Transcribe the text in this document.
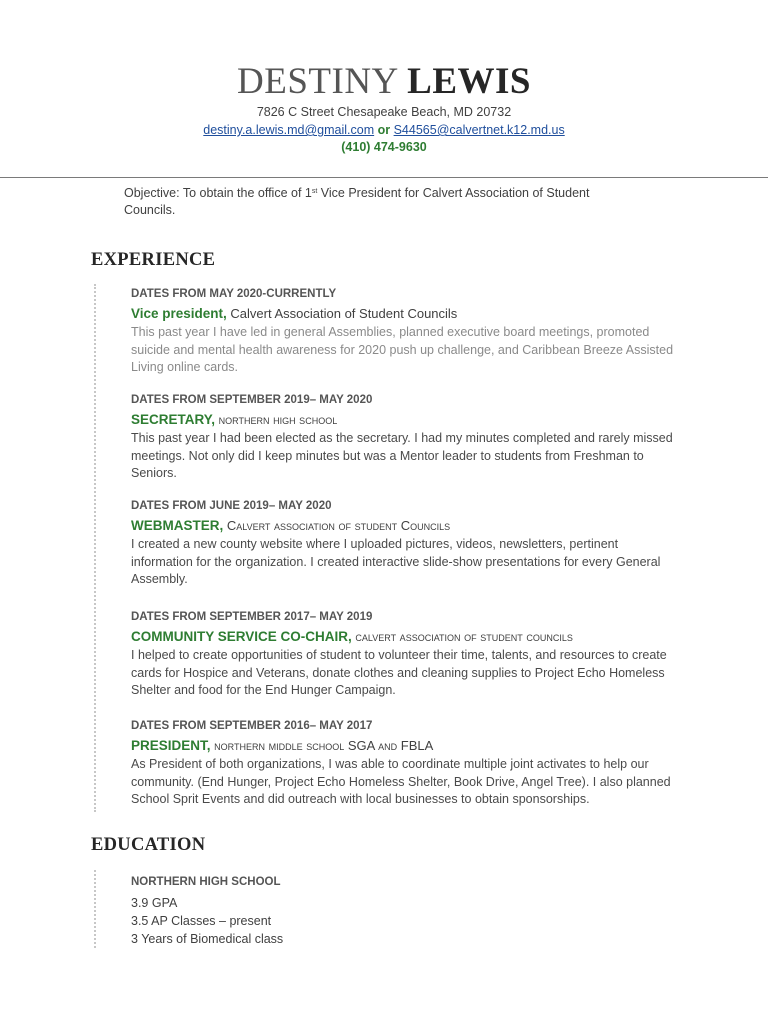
DESTINY LEWIS
7826 C Street Chesapeake Beach, MD 20732
destiny.a.lewis.md@gmail.com or S44565@calvertnet.k12.md.us
(410) 474-9630
Objective: To obtain the office of 1st Vice President for Calvert Association of Student Councils.
EXPERIENCE
DATES FROM MAY 2020-CURRENTLY
Vice president, Calvert Association of Student Councils
This past year I have led in general Assemblies, planned executive board meetings, promoted suicide and mental health awareness for 2020 push up challenge, and Caribbean Breeze Assisted Living online cards.
DATES FROM SEPTEMBER 2019– MAY 2020
SECRETARY, northern high school
This past year I had been elected as the secretary. I had my minutes completed and rarely missed meetings. Not only did I keep minutes but was a Mentor leader to students from Freshman to Seniors.
DATES FROM JUNE 2019– MAY 2020
WEBMASTER, Calvert association of student Councils
I created a new county website where I uploaded pictures, videos, newsletters, pertinent information for the organization. I created interactive slide-show presentations for every General Assembly.
DATES FROM SEPTEMBER 2017– MAY 2019
COMMUNITY SERVICE CO-CHAIR, calvert association of student councils
I helped to create opportunities of student to volunteer their time, talents, and resources to create cards for Hospice and Veterans, donate clothes and cleaning supplies to Project Echo Homeless Shelter and food for the End Hunger Campaign.
DATES FROM SEPTEMBER 2016– MAY 2017
PRESIDENT, northern middle school SGA and FBLA
As President of both organizations, I was able to coordinate multiple joint activates to help our community. (End Hunger, Project Echo Homeless Shelter, Book Drive, Angel Tree). I also planned School Sprit Events and did outreach with local businesses to obtain sponsorships.
EDUCATION
NORTHERN HIGH SCHOOL
3.9 GPA
3.5 AP Classes – present
3 Years of Biomedical class
